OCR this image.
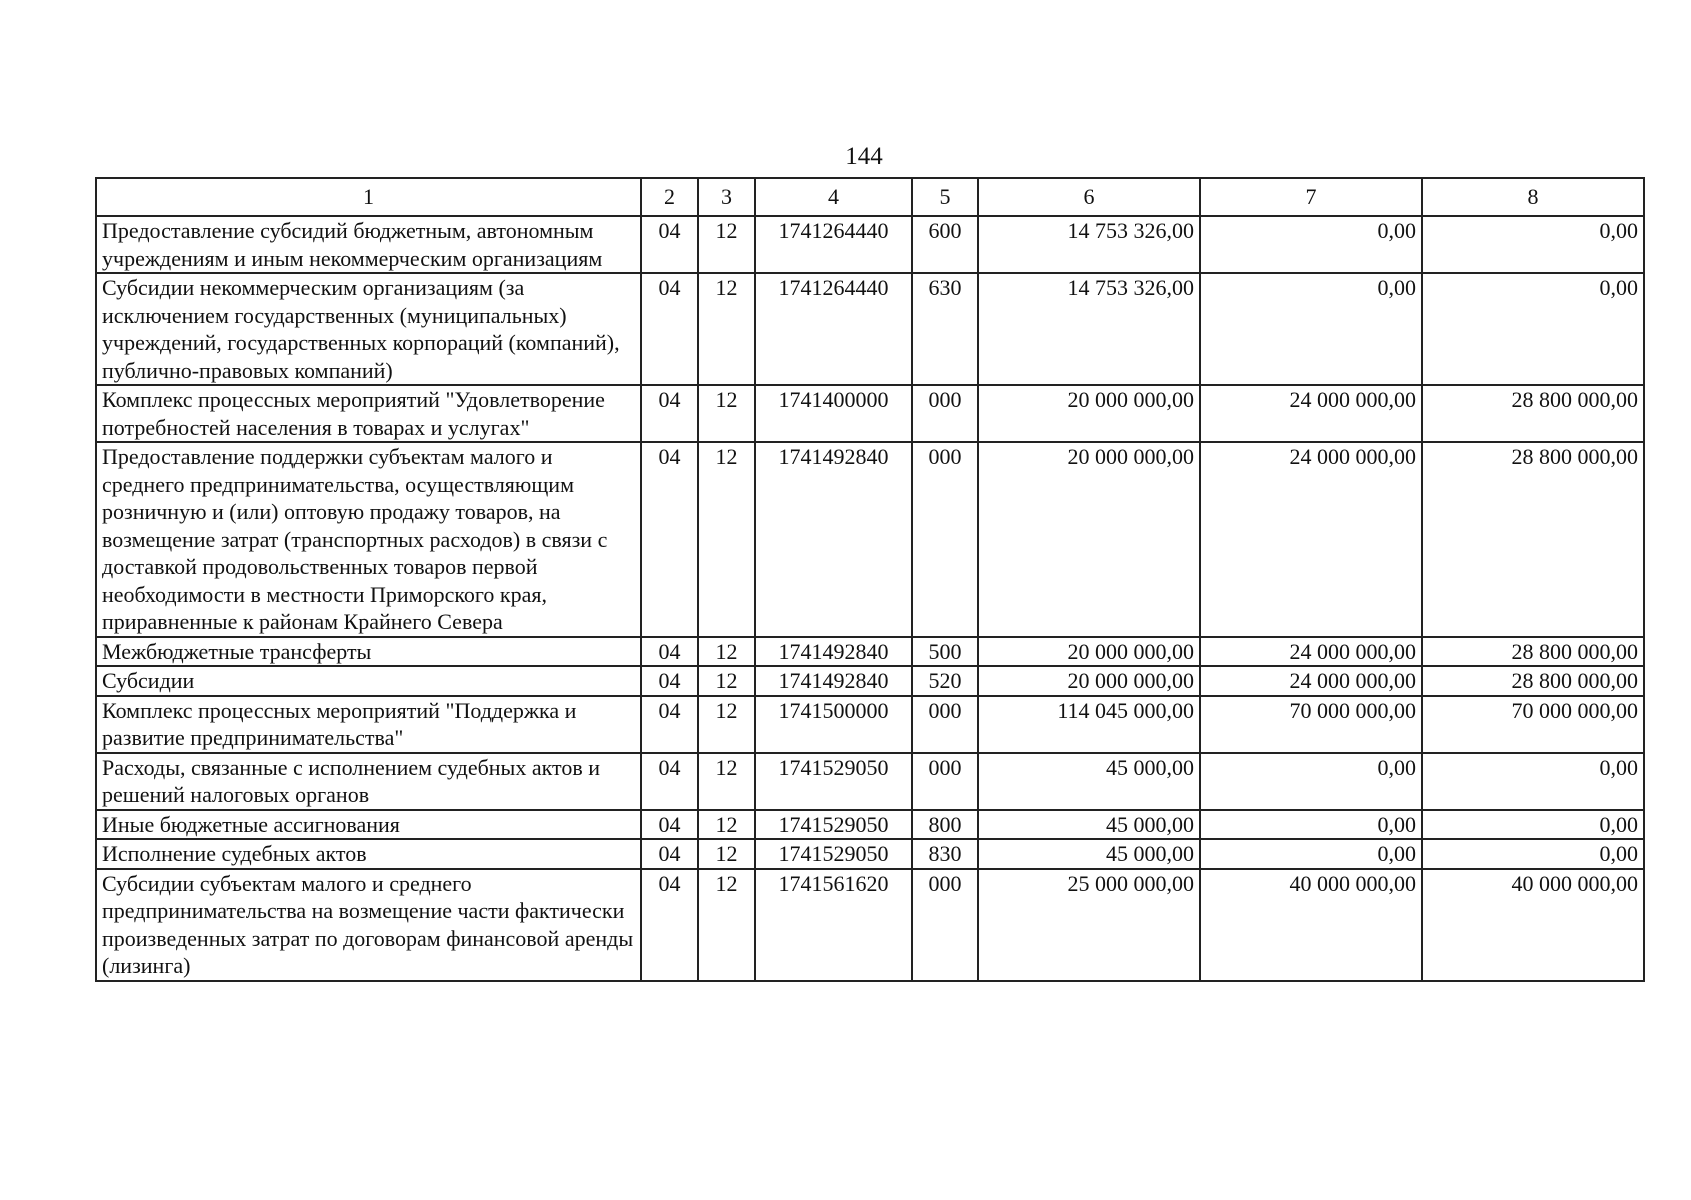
144
1	2	3	4	5	6	7	8
Предоставление субсидий бюджетным, автономным учреждениям и иным некоммерческим организациям	04	12	1741264440	600	14 753 326,00	0,00	0,00
Субсидии некоммерческим организациям (за исключением государственных (муниципальных) учреждений, государственных корпораций (компаний), публично-правовых компаний)	04	12	1741264440	630	14 753 326,00	0,00	0,00
Комплекс процессных мероприятий "Удовлетворение потребностей населения в товарах и услугах"	04	12	1741400000	000	20 000 000,00	24 000 000,00	28 800 000,00
Предоставление поддержки субъектам малого и среднего предпринимательства, осуществляющим розничную и (или) оптовую продажу товаров, на возмещение затрат (транспортных расходов) в связи с доставкой продовольственных товаров первой необходимости в местности Приморского края, приравненные к районам Крайнего Севера	04	12	1741492840	000	20 000 000,00	24 000 000,00	28 800 000,00
Межбюджетные трансферты	04	12	1741492840	500	20 000 000,00	24 000 000,00	28 800 000,00
Субсидии	04	12	1741492840	520	20 000 000,00	24 000 000,00	28 800 000,00
Комплекс процессных мероприятий "Поддержка и развитие предпринимательства"	04	12	1741500000	000	114 045 000,00	70 000 000,00	70 000 000,00
Расходы, связанные с исполнением судебных актов и решений налоговых органов	04	12	1741529050	000	45 000,00	0,00	0,00
Иные бюджетные ассигнования	04	12	1741529050	800	45 000,00	0,00	0,00
Исполнение судебных актов	04	12	1741529050	830	45 000,00	0,00	0,00
Субсидии субъектам малого и среднего предпринимательства на возмещение части фактически произведенных затрат по договорам финансовой аренды (лизинга)	04	12	1741561620	000	25 000 000,00	40 000 000,00	40 000 000,00
